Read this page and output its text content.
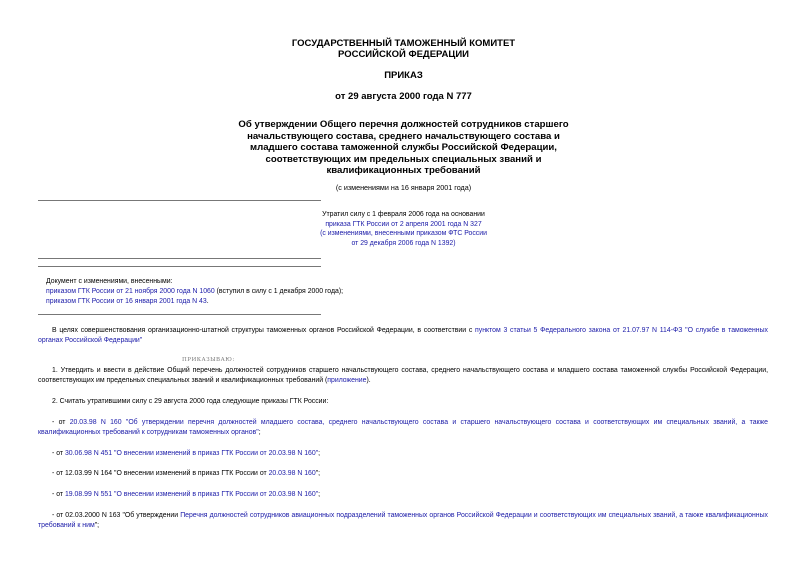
ГОСУДАРСТВЕННЫЙ ТАМОЖЕННЫЙ КОМИТЕТ
РОССИЙСКОЙ ФЕДЕРАЦИИ
ПРИКАЗ
от 29 августа 2000 года N 777
Об утверждении Общего перечня должностей сотрудников старшего
начальствующего состава, среднего начальствующего состава и
младшего состава таможенной службы Российской Федерации,
соответствующих им предельных специальных званий и
квалификационных требований
(с изменениями на 16 января 2001 года)
Утратил силу с 1 февраля 2006 года на основании
приказа ГТК России от 2 апреля 2001 года N 327
(с изменениями, внесенными приказом ФТС России
от 29 декабря 2006 года N 1392)
Документ с изменениями, внесенными:
приказом ГТК России от 21 ноября 2000 года N 1060 (вступил в силу с 1 декабря 2000 года);
приказом ГТК России от 16 января 2001 года N 43.
В целях совершенствования организационно-штатной структуры таможенных органов Российской Федерации, в соответствии с пунктом 3 статьи 5 Федерального закона от 21.07.97 N 114-ФЗ "О службе в таможенных органах Российской Федерации"
ПРИКАЗЫВАЮ:
1. Утвердить и ввести в действие Общий перечень должностей сотрудников старшего начальствующего состава, среднего начальствующего состава и младшего состава таможенной службы Российской Федерации, соответствующих им предельных специальных званий и квалификационных требований (приложение).
2. Считать утратившими силу с 29 августа 2000 года следующие приказы ГТК России:
- от 20.03.98 N 160 "Об утверждении перечня должностей младшего состава, среднего начальствующего состава и старшего начальствующего состава и соответствующих им специальных званий, а также квалификационных требований к сотрудникам таможенных органов";
- от 30.06.98 N 451 "О внесении изменений в приказ ГТК России от 20.03.98 N 160";
- от 12.03.99 N 164 "О внесении изменений в приказ ГТК России от 20.03.98 N 160";
- от 19.08.99 N 551 "О внесении изменений в приказ ГТК России от 20.03.98 N 160";
- от 02.03.2000 N 163 "Об утверждении Перечня должностей сотрудников авиационных подразделений таможенных органов Российской Федерации и соответствующих им специальных званий, а также квалификационных требований к ним";
